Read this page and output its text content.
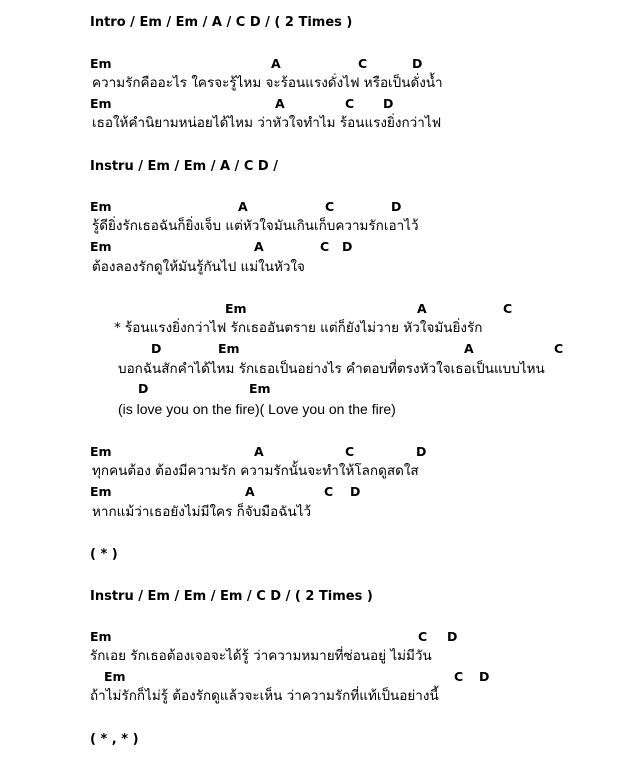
Intro / Em / Em / A / C D / ( 2 Times )
Em	A	C	D
ความรักคืออะไร ใครจะรู้ไหม จะร้อนแรงดั่งไฟ หรือเป็นดั่งน้ำ
Em	A	C D
เธอให้คำนิยามหน่อยได้ไหม ว่าหัวใจทำไม ร้อนแรงยิ่งกว่าไฟ
Instru / Em / Em / A / C D /
Em	A	C	D
รู้ดียิ่งรักเธอฉันก็ยิ่งเจ็บ แต่หัวใจมันเกินเก็บความรักเอาไว้
Em	A	C D
ต้องลองรักดูให้มันรู้กันไป แม่ในหัวใจ
Em	A	C
* ร้อนแรงยิ่งกว่าไฟ รักเธออันตราย แต่ก็ยังไม่วาย หัวใจมันยิ่งรัก
D	Em	A	C
บอกฉันสักคำได้ไหม รักเธอเป็นอย่างไร คำตอบที่ตรงหัวใจเธอเป็นแบบไหน
D	Em
(is love you on the fire)( Love you on the fire)
Em	A	C	D
ทุกคนต้อง ต้องมีความรัก ความรักนั้นจะทำให้โลกดูสดใส
Em	A	C D
หากแม้ว่าเธอยังไม่มีใคร ก็จับมือฉันไว้
( * )
Instru / Em / Em / Em / C D / ( 2 Times )
Em	C D
รักเอย รักเธอต้องเจอจะได้รู้ ว่าความหมายที่ซ่อนอยู่ ไม่มีวัน
Em	C D
ถ้าไม่รักก็ไม่รู้ ต้องรักดูแล้วจะเห็น ว่าความรักที่แท้เป็นอย่างนี้
( * , * )
